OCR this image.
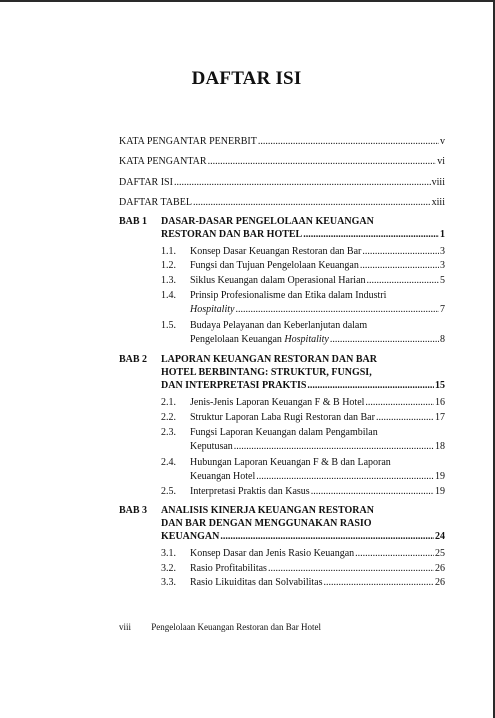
DAFTAR ISI
KATA PENGANTAR PENERBIT .....	v
KATA PENGANTAR .....	vi
DAFTAR ISI .....	viii
DAFTAR TABEL .....	xiii
BAB 1 DASAR-DASAR PENGELOLAAN KEUANGAN
RESTORAN DAN BAR HOTEL .....	1
1.1. Konsep Dasar Keuangan Restoran dan Bar .....	3
1.2. Fungsi dan Tujuan Pengelolaan Keuangan .....	3
1.3. Siklus Keuangan dalam Operasional Harian .....	5
1.4. Prinsip Profesionalisme dan Etika dalam Industri
Hospitality .....	7
1.5. Budaya Pelayanan dan Keberlanjutan dalam
Pengelolaan Keuangan Hospitality .....	8
BAB 2 LAPORAN KEUANGAN RESTORAN DAN BAR
HOTEL BERBINTANG: STRUKTUR, FUNGSI,
DAN INTERPRETASI PRAKTIS .....	15
2.1. Jenis-Jenis Laporan Keuangan F & B Hotel .....	16
2.2. Struktur Laporan Laba Rugi Restoran dan Bar .....	17
2.3. Fungsi Laporan Keuangan dalam Pengambilan
Keputusan .....	18
2.4. Hubungan Laporan Keuangan F & B dan Laporan
Keuangan Hotel .....	19
2.5. Interpretasi Praktis dan Kasus .....	19
BAB 3 ANALISIS KINERJA KEUANGAN RESTORAN
DAN BAR DENGAN MENGGUNAKAN RASIO
KEUANGAN .....	24
3.1. Konsep Dasar dan Jenis Rasio Keuangan .....	25
3.2. Rasio Profitabilitas .....	26
3.3. Rasio Likuiditas dan Solvabilitas .....	26
viii Pengelolaan Keuangan Restoran dan Bar Hotel
